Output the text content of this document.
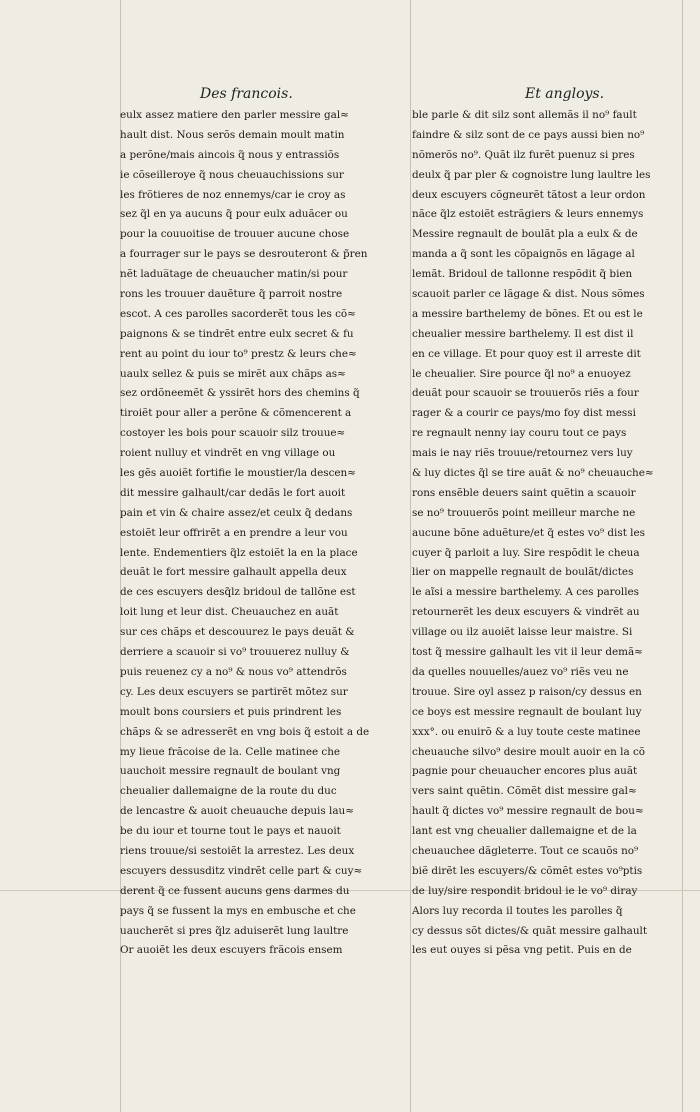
Des francois.	Et angloys.
eulx assez matiere den parler messire gal≈
hault dist. Nous serõs demain moult matin
a perõne/mais aincois q̃ nous y entrassiõs
ie cõseilleroye q̃ nous cheuauchissions sur
les frõtieres de noz ennemys/car ie croy as
sez q̃l en ya aucuns q̃ pour eulx aduãcer ou
pour la couuoitise de trouuer aucune chose
a fourrager sur le pays se desrouteront & p̃ren
nẽt ladua̅tage de cheuaucher matin/si pour
rons les trouuer dauẽture q̃ parroit nostre
escot. A ces parolles sacorderẽt tous les cõ≈
paignons & se tindrẽt entre eulx secret & fu
rent au point du iour to⁹ prestz & leurs che≈
uaulx sellez & puis se mirẽt aux chãps as≈
sez ordõneemẽt & yssirẽt hors des chemins q̃
tiroiẽt pour aller a perõne & cõmencerent a
costoyer les bois pour scauoir silz trouue≈
roient nulluy et vindrẽt en vng village ou
les gẽs auoiẽt fortifie le moustier/la descen≈
dit messire galhault/car dedãs le fort auoit
pain et vin & chaire assez/et ceulx q̃ dedans
estoiẽt leur offrirẽt a en prendre a leur vou
lente. Endementiers q̃lz estoiẽt la en la place
deuãt le fort messire galhault appella deux
de ces escuyers desq̃lz bridoul de tallõne est
loit lung et leur dist. Cheuauchez en auãt
sur ces chãps et descouurez le pays deuãt &
derriere a scauoir si vo⁹ trouuerez nulluy &
puis reuenez cy a no⁹ & nous vo⁹ attendrõs
cy. Les deux escuyers se partirẽt mõtez sur
moult bons coursiers et puis prindrent les
chãps & se adresserẽt en vng bois q̃ estoit a de
my lieue frãcoise de la. Celle matinee che
uauchoit messire regnault de boulant vng
cheualier dallemaigne de la route du duc
de lencastre & auoit cheuauche depuis lau≈
be du iour et tourne tout le pays et nauoit
riens trouue/si sestoiẽt la arrestez. Les deux
escuyers dessusditz vindrẽt celle part & cuy≈
derent q̃ ce fussent aucuns gens darmes du
pays q̃ se fussent la mys en embusche et che
uaucherẽt si pres q̃lz aduiserẽt lung laultre
Or auoiẽt les deux escuyers frãcois ensem
ble parle & dit silz sont allemãs il no⁹ fault
faindre & silz sont de ce pays aussi bien no⁹
nõmerõs no⁹. Quãt ilz furẽt puenuz si pres
deulx q̃ par pler & cognoistre lung laultre les
deux escuyers cõgneurẽt tãtost a leur ordon
nãce q̃lz estoiẽt estrãgiers & leurs ennemys
Messire regnault de boulãt pla a eulx & de
manda a q̃ sont les cõpaignõs en lãgage al
lemãt. Bridoul de tallonne respõdit q̃ bien
scauoit parler ce lãgage & dist. Nous sõmes
a messire barthelemy de bõnes. Et ou est le
cheualier messire barthelemy. Il est dist il
en ce village. Et pour quoy est il arreste dit
le cheualier. Sire pource q̃l no⁹ a enuoyez
deuãt pour scauoir se trouuerõs riẽs a four
rager & a courir ce pays/mo foy dist messi
re regnault nenny iay couru tout ce pays
mais ie nay riẽs trouue/retournez vers luy
& luy dictes q̃l se tire auãt & no⁹ cheuauche≈
rons ensẽble deuers saint quẽtin a scauoir
se no⁹ trouuerõs point meilleur marche ne
aucune bõne aduẽture/et q̃ estes vo⁹ dist les
cuyer q̃ parloit a luy. Sire respõdit le cheua
lier on mappelle regnault de boulãt/dictes
le aĩsi a messire barthelemy. A ces parolles
retournerẽt les deux escuyers & vindrẽt au
village ou ilz auoiẽt laisse leur maistre. Si
tost q̃ messire galhault les vit il leur demã≈
da quelles nouuelles/auez vo⁹ riẽs veu ne
trouue. Sire oyl assez p raison/cy dessus en
ce boys est messire regnault de boulant luy
xxx°. ou enuirõ & a luy toute ceste matinee
cheuauche silvo⁹ desire moult auoir en la cõ
pagnie pour cheuaucher encores plus auãt
vers saint quẽtin. Cõmẽt dist messire gal≈
hault q̃ dictes vo⁹ messire regnault de bou≈
lant est vng cheualier dallemaigne et de la
cheuauchee dãgleterre. Tout ce scauõs no⁹
biẽ dirẽt les escuyers/& cõmẽt estes vo⁹ptis
de luy/sire respondit bridoul ie le vo⁹ diray
Alors luy recorda il toutes les parolles q̃
cy dessus sõt dictes/& quãt messire galhault
les eut ouyes si pẽsa vng petit. Puis en de
